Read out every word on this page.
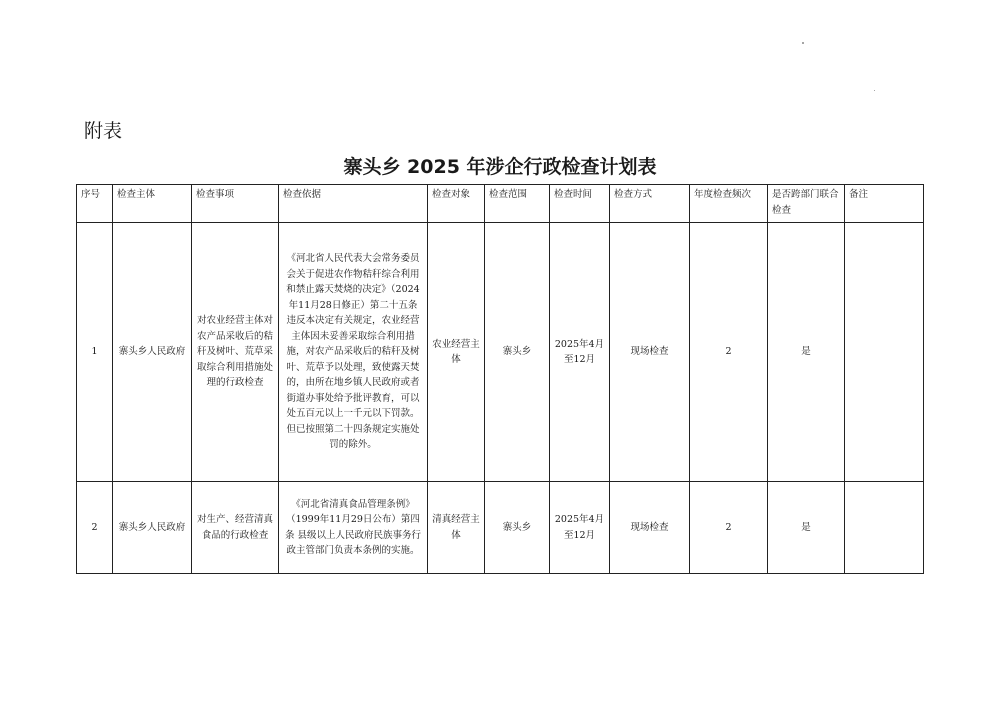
附表
寨头乡 2025 年涉企行政检查计划表
序号	检查主体	检查事项	检查依据	检查对象	检查范围	检查时间	检查方式	年度检查频次	是否跨部门联合检查	备注
1	寨头乡人民政府	对农业经营主体对农产品采收后的秸秆及树叶、荒草采取综合利用措施处理的行政检查	《河北省人民代表大会常务委员会关于促进农作物秸秆综合利用和禁止露天焚烧的决定》（2024年11月28日修正）第二十五条 违反本决定有关规定，农业经营主体因未妥善采取综合利用措施，对农产品采收后的秸秆及树叶、荒草予以处理，致使露天焚的，由所在地乡镇人民政府或者街道办事处给予批评教育，可以处五百元以上一千元以下罚款。但已按照第二十四条规定实施处罚的除外。	农业经营主体	寨头乡	2025年4月至12月	现场检查	2	是	
2	寨头乡人民政府	对生产、经营清真食品的行政检查	《河北省清真食品管理条例》（1999年11月29日公布）第四条 县级以上人民政府民族事务行政主管部门负责本条例的实施。	清真经营主体	寨头乡	2025年4月至12月	现场检查	2	是	
